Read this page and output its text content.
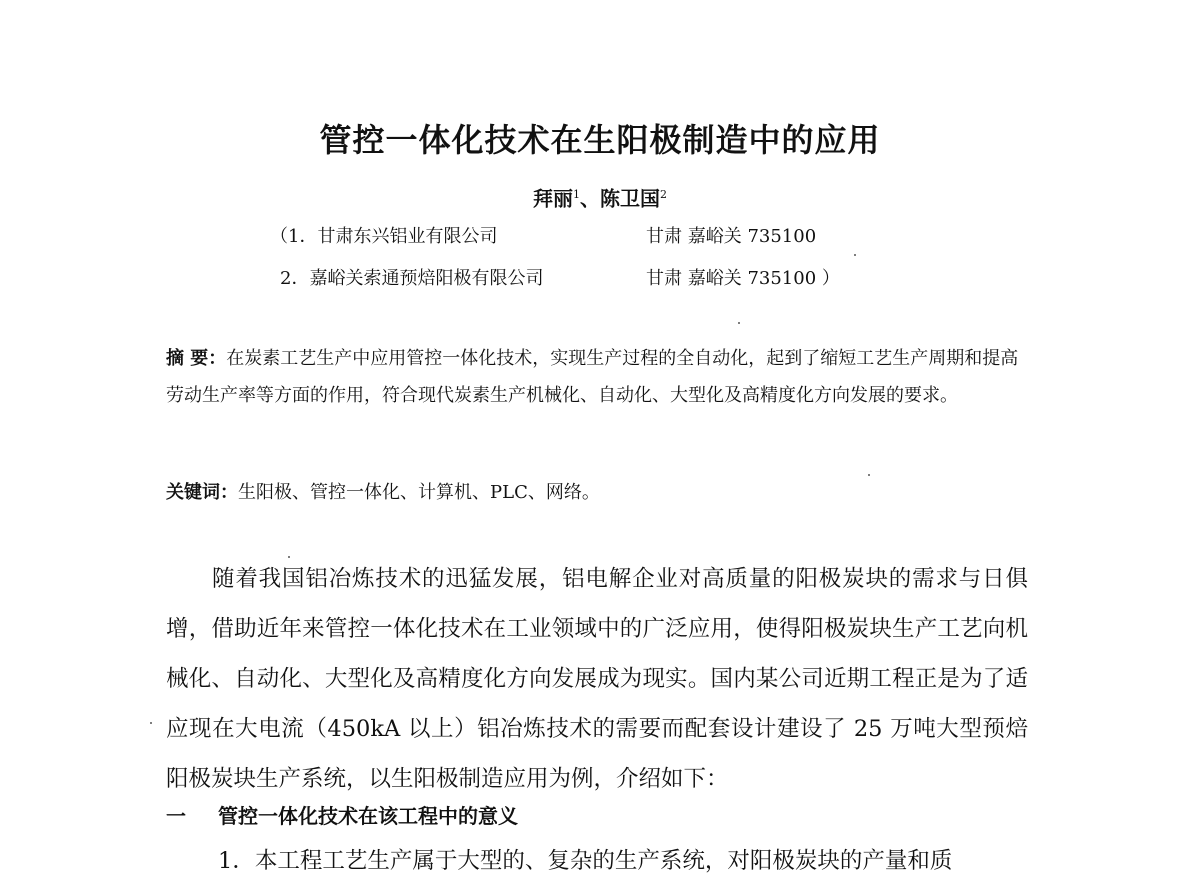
管控一体化技术在生阳极制造中的应用
拜丽$^1$、陈卫国$^2$
（1．甘肃东兴铝业有限公司	甘肃 嘉峪关 735100
2．嘉峪关索通预焙阳极有限公司	甘肃 嘉峪关 735100 ）
摘 要：在炭素工艺生产中应用管控一体化技术，实现生产过程的全自动化，起到了缩短工艺生产周期和提高劳动生产率等方面的作用，符合现代炭素生产机械化、自动化、大型化及高精度化方向发展的要求。
关键词：生阳极、管控一体化、计算机、PLC、网络。
随着我国铝冶炼技术的迅猛发展，铝电解企业对高质量的阳极炭块的需求与日俱增，借助近年来管控一体化技术在工业领域中的广泛应用，使得阳极炭块生产工艺向机械化、自动化、大型化及高精度化方向发展成为现实。国内某公司近期工程正是为了适应现在大电流（450kA 以上）铝冶炼技术的需要而配套设计建设了 25 万吨大型预焙阳极炭块生产系统，以生阳极制造应用为例，介绍如下：
一 管控一体化技术在该工程中的意义
1．本工程工艺生产属于大型的、复杂的生产系统，对阳极炭块的产量和质
